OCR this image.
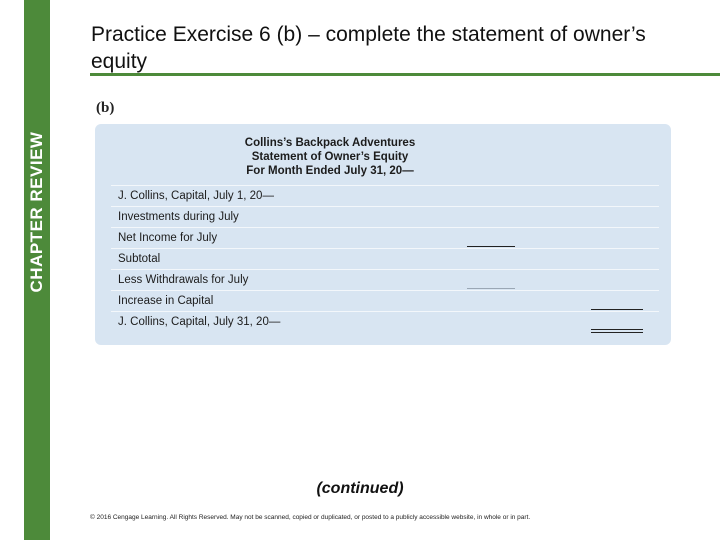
CHAPTER REVIEW
Practice Exercise 6 (b) – complete the statement of owner’s equity
(b)
Collins’s Backpack Adventures
Statement of Owner’s Equity
For Month Ended July 31, 20—
J. Collins, Capital, July 1, 20—
Investments during July
Net Income for July
Subtotal
Less Withdrawals for July
Increase in Capital
J. Collins, Capital, July 31, 20—
(continued)
© 2016 Cengage Learning. All Rights Reserved. May not be scanned, copied or duplicated, or posted to a publicly accessible website, in whole or in part.
